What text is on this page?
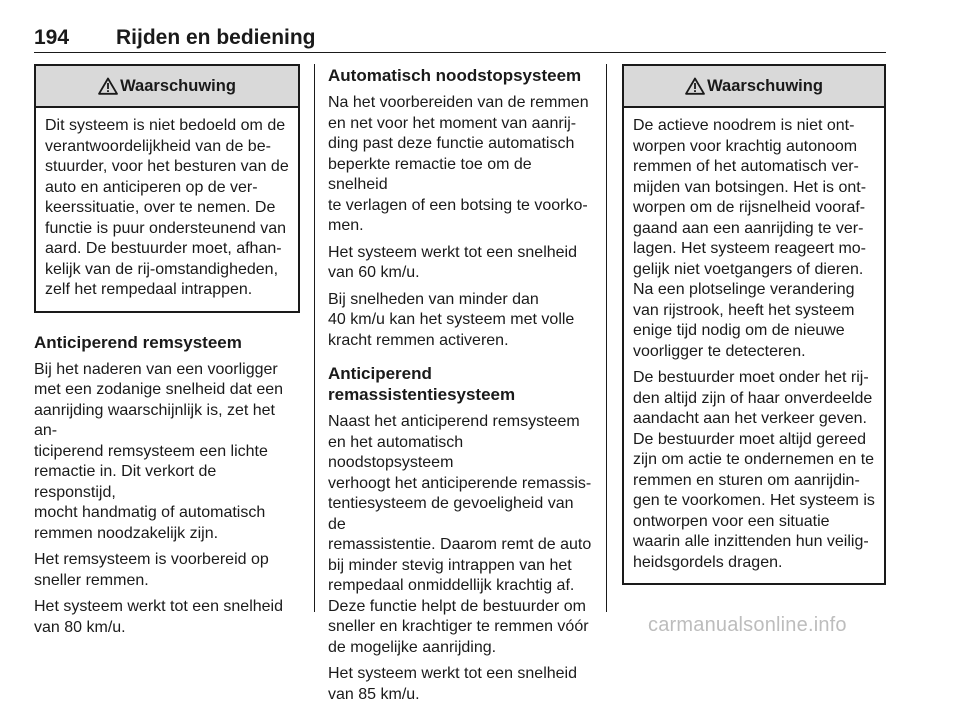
194 Rijden en bediening
Waarschuwing
Dit systeem is niet bedoeld om de
verantwoordelijkheid van de be-
stuurder, voor het besturen van de
auto en anticiperen op de ver-
keerssituatie, over te nemen. De
functie is puur ondersteunend van
aard. De bestuurder moet, afhan-
kelijk van de rij-omstandigheden,
zelf het rempedaal intrappen.
Anticiperend remsysteem

Bij het naderen van een voorligger
met een zodanige snelheid dat een
aanrijding waarschijnlijk is, zet het an-
ticiperend remsysteem een lichte
remactie in. Dit verkort de responstijd,
mocht handmatig of automatisch
remmen noodzakelijk zijn.

Het remsysteem is voorbereid op
sneller remmen.

Het systeem werkt tot een snelheid
van 80 km/u.

Automatisch noodstopsysteem

Na het voorbereiden van de remmen
en net voor het moment van aanrij-
ding past deze functie automatisch
beperkte remactie toe om de snelheid
te verlagen of een botsing te voorko-
men.

Het systeem werkt tot een snelheid
van 60 km/u.

Bij snelheden van minder dan
40 km/u kan het systeem met volle
kracht remmen activeren.

Anticiperend
remassistentiesysteem

Naast het anticiperend remsysteem
en het automatisch noodstopsysteem
verhoogt het anticiperende remassis-
tentiesysteem de gevoeligheid van de
remassistentie. Daarom remt de auto
bij minder stevig intrappen van het
rempedaal onmiddellijk krachtig af.
Deze functie helpt de bestuurder om
sneller en krachtiger te remmen vóór
de mogelijke aanrijding.

Het systeem werkt tot een snelheid
van 85 km/u.

Waarschuwing

De actieve noodrem is niet ont-
worpen voor krachtig autonoom
remmen of het automatisch ver-
mijden van botsingen. Het is ont-
worpen om de rijsnelheid vooraf-
gaand aan een aanrijding te ver-
lagen. Het systeem reageert mo-
gelijk niet voetgangers of dieren.
Na een plotselinge verandering
van rijstrook, heeft het systeem
enige tijd nodig om de nieuwe
voorligger te detecteren.

De bestuurder moet onder het rij-
den altijd zijn of haar onverdeelde
aandacht aan het verkeer geven.
De bestuurder moet altijd gereed
zijn om actie te ondernemen en te
remmen en sturen om aanrijdin-
gen te voorkomen. Het systeem is
ontworpen voor een situatie
waarin alle inzittenden hun veilig-
heidsgordels dragen.

carmanualsonline.info
